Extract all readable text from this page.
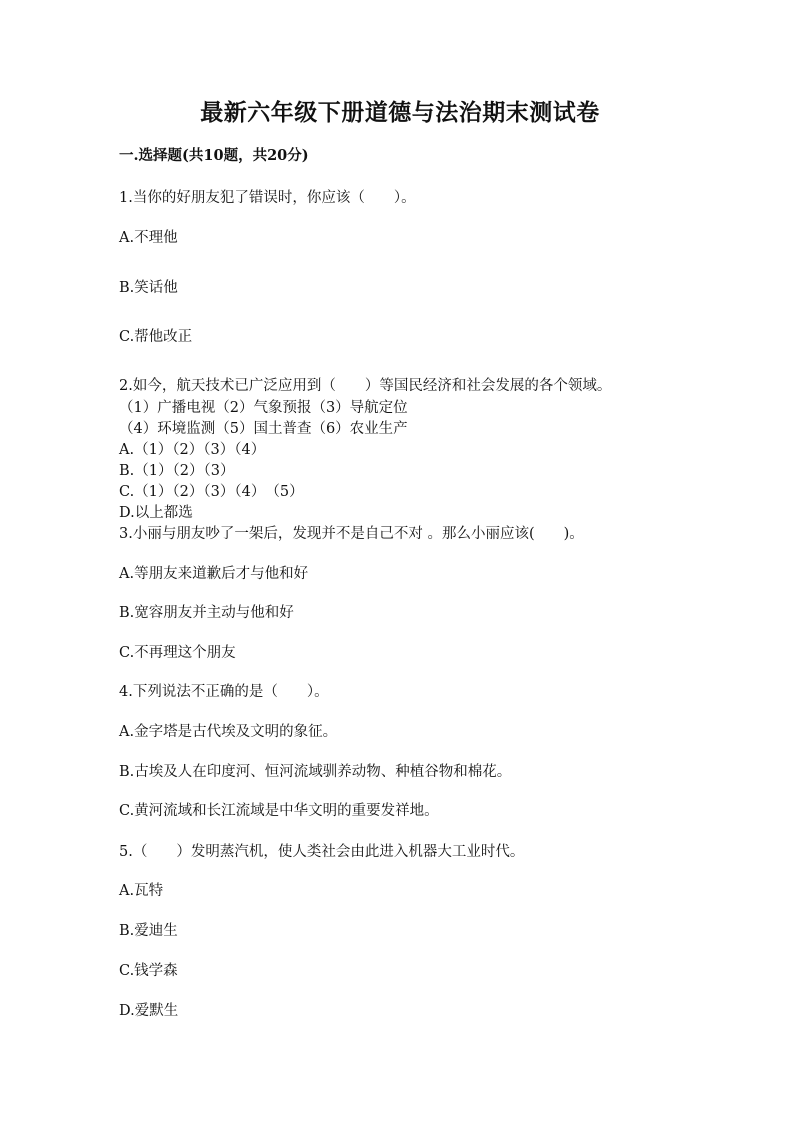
最新六年级下册道德与法治期末测试卷
一.选择题(共10题，共20分)
1.当你的好朋友犯了错误时，你应该（　　）。
A.不理他
B.笑话他
C.帮他改正
2.如今，航天技术已广泛应用到（　　）等国民经济和社会发展的各个领域。
（1）广播电视（2）气象预报（3）导航定位
（4）环境监测（5）国土普查（6）农业生产
A.（1）（2）（3）（4）
B.（1）（2）（3）
C.（1）（2）（3）（4）　（5）
D.以上都选
3.小丽与朋友吵了一架后，发现并不是自己不对 。那么小丽应该(　　)。
A.等朋友来道歉后才与他和好
B.宽容朋友并主动与他和好
C.不再理这个朋友
4.下列说法不正确的是（　　）。
A.金字塔是古代埃及文明的象征。
B.古埃及人在印度河、恒河流域驯养动物、种植谷物和棉花。
C.黄河流域和长江流域是中华文明的重要发祥地。
5.（　　）发明蒸汽机，使人类社会由此进入机器大工业时代。
A.瓦特
B.爱迪生
C.钱学森
D.爱默生
